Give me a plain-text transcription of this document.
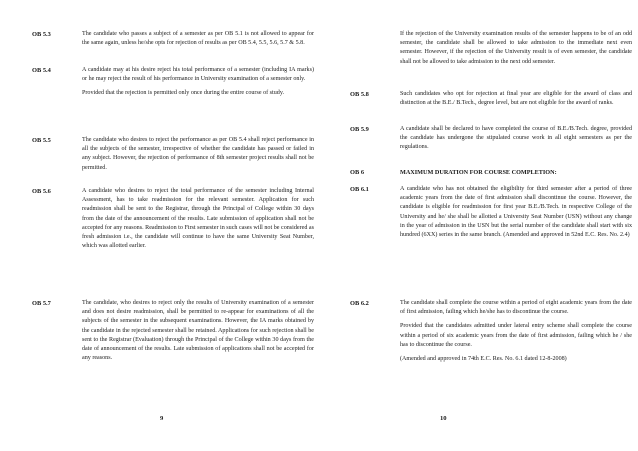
OB 5.3	The candidate who passes a subject of a semester as per OB 5.1 is not allowed to appear for the same again, unless he/she opts for rejection of results as per OB 5.4, 5.5, 5.6, 5.7 & 5.8.

OB 5.4	A candidate may at his desire reject his total performance of a semester (including IA marks) or he may reject the result of his performance in University examination of a semester only.

Provided that the rejection is permitted only once during the entire course of study.

OB 5.5	The candidate who desires to reject the performance as per OB 5.4 shall reject performance in all the subjects of the semester, irrespective of whether the candidate has passed or failed in any subject. However, the rejection of performance of 8th semester project results shall not be permitted.

OB 5.6	A candidate who desires to reject the total performance of the semester including Internal Assessment, has to take readmission for the relevant semester. Application for such readmission shall be sent to the Registrar, through the Principal of College within 30 days from the date of the announcement of the results. Late submission of application shall not be accepted for any reasons. Readmission to First semester in such cases will not be considered as fresh admission i.e., the candidate will continue to have the same University Seat Number, which was allotted earlier.

OB 5.7	The candidate, who desires to reject only the results of University examination of a semester and does not desire readmission, shall be permitted to re-appear for examinations of all the subjects of the semester in the subsequent examinations. However, the IA marks obtained by the candidate in the rejected semester shall be retained. Applications for such rejection shall be sent to the Registrar (Evaluation) through the Principal of the College within 30 days from the date of announcement of the results. Late submission of applications shall not be accepted for any reasons.

9

If the rejection of the University examination results of the semester happens to be of an odd semester, the candidate shall be allowed to take admission to the immediate next even semester. However, if the rejection of the University result is of even semester, the candidate shall not be allowed to take admission to the next odd semester.

OB 5.8	Such candidates who opt for rejection at final year are eligible for the award of class and distinction at the B.E./ B.Tech., degree level, but are not eligible for the award of ranks.

OB 5.9	A candidate shall be declared to have completed the course of B.E./B.Tech. degree, provided the candidate has undergone the stipulated course work in all eight semesters as per the regulations.

OB 6	MAXIMUM DURATION FOR COURSE COMPLETION:
OB 6.1	A candidate who has not obtained the eligibility for third semester after a period of three academic years from the date of first admission shall discontinue the course. However, the candidate is eligible for readmission for first year B.E./B.Tech. in respective College of the University and he/ she shall be allotted a University Seat Number (USN) without any change in the year of admission in the USN but the serial number of the candidate shall start with six hundred (6XX) series in the same branch. (Amended and approved in 52nd E.C. Res. No. 2.4)

OB 6.2	The candidate shall complete the course within a period of eight academic years from the date of first admission, failing which he/she has to discontinue the course.

Provided that the candidates admitted under lateral entry scheme shall complete the course within a period of six academic years from the date of first admission, failing which he / she has to discontinue the course.

(Amended and approved in 74th E.C. Res. No. 6.1 dated 12-8-2008)

10
